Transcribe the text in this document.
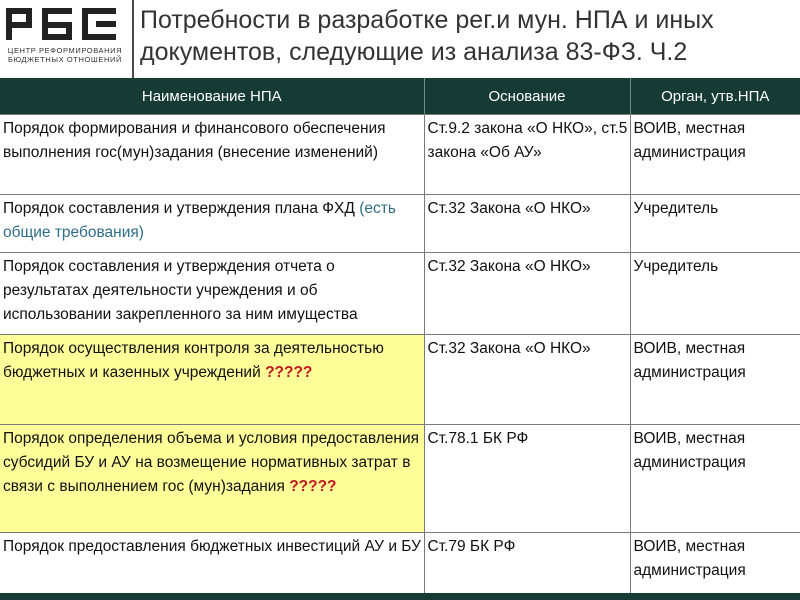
ЦЕНТР РЕФОРМИРОВАНИЯ
БЮДЖЕТНЫХ ОТНОШЕНИЙ
Потребности в разработке рег.и мун. НПА и иных
документов, следующие из анализа 83-ФЗ. Ч.2
Наименование НПА	Основание	Орган, утв.НПА
Порядок формирования и финансового обеспечения выполнения гос(мун)задания (внесение изменений)	Ст.9.2 закона «О НКО», ст.5 закона «Об АУ»	ВОИВ, местная администрация
Порядок составления и утверждения плана ФХД (есть общие требования)	Ст.32 Закона «О НКО»	Учредитель
Порядок составления и утверждения отчета о результатах деятельности учреждения и об использовании закрепленного за ним имущества	Ст.32 Закона «О НКО»	Учредитель
Порядок осуществления контроля за деятельностью бюджетных и казенных учреждений ?????	Ст.32 Закона «О НКО»	ВОИВ, местная администрация
Порядок определения объема и условия предоставления субсидий БУ и АУ на возмещение нормативных затрат в связи с выполнением гос (мун)задания ?????	Ст.78.1 БК РФ	ВОИВ, местная администрация
Порядок предоставления бюджетных инвестиций АУ и БУ	Ст.79 БК РФ	ВОИВ, местная администрация
